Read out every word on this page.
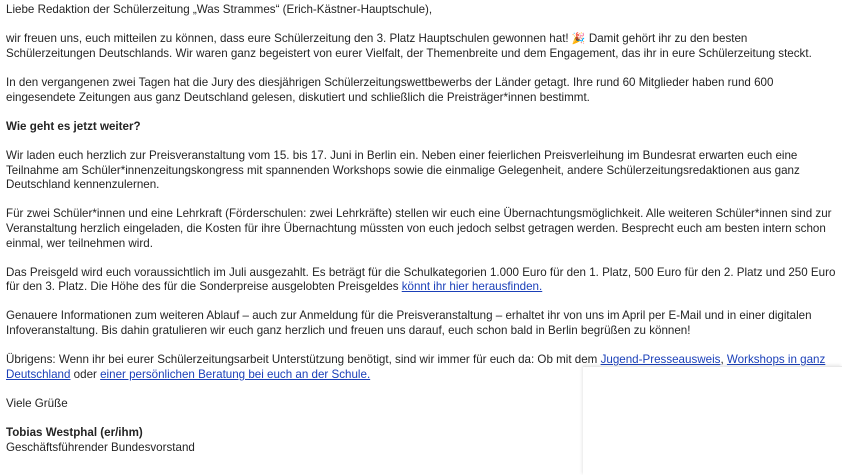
Liebe Redaktion der Schülerzeitung „Was Strammes“ (Erich-Kästner-Hauptschule),

wir freuen uns, euch mitteilen zu können, dass eure Schülerzeitung den 3. Platz Hauptschulen gewonnen hat! 🎉 Damit gehört ihr zu den besten Schülerzeitungen Deutschlands. Wir waren ganz begeistert von eurer Vielfalt, der Themenbreite und dem Engagement, das ihr in eure Schülerzeitung steckt.

In den vergangenen zwei Tagen hat die Jury des diesjährigen Schülerzeitungswettbewerbs der Länder getagt. Ihre rund 60 Mitglieder haben rund 600 eingesendete Zeitungen aus ganz Deutschland gelesen, diskutiert und schließlich die Preisträger*innen bestimmt.

Wie geht es jetzt weiter?

Wir laden euch herzlich zur Preisveranstaltung vom 15. bis 17. Juni in Berlin ein. Neben einer feierlichen Preisverleihung im Bundesrat erwarten euch eine Teilnahme am Schüler*innenzeitungskongress mit spannenden Workshops sowie die einmalige Gelegenheit, andere Schülerzeitungsredaktionen aus ganz Deutschland kennenzulernen.

Für zwei Schüler*innen und eine Lehrkraft (Förderschulen: zwei Lehrkräfte) stellen wir euch eine Übernachtungsmöglichkeit. Alle weiteren Schüler*innen sind zur Veranstaltung herzlich eingeladen, die Kosten für ihre Übernachtung müssten von euch jedoch selbst getragen werden. Besprecht euch am besten intern schon einmal, wer teilnehmen wird.

Das Preisgeld wird euch voraussichtlich im Juli ausgezahlt. Es beträgt für die Schulkategorien 1.000 Euro für den 1. Platz, 500 Euro für den 2. Platz und 250 Euro für den 3. Platz. Die Höhe des für die Sonderpreise ausgelobten Preisgeldes könnt ihr hier herausfinden.

Genauere Informationen zum weiteren Ablauf – auch zur Anmeldung für die Preisveranstaltung – erhaltet ihr von uns im April per E-Mail und in einer digitalen Infoveranstaltung. Bis dahin gratulieren wir euch ganz herzlich und freuen uns darauf, euch schon bald in Berlin begrüßen zu können!

Übrigens: Wenn ihr bei eurer Schülerzeitungsarbeit Unterstützung benötigt, sind wir immer für euch da: Ob mit dem Jugend-Presseausweis, Workshops in ganz Deutschland oder einer persönlichen Beratung bei euch an der Schule.

Viele Grüße

Tobias Westphal (er/ihm)

Geschäftsführender Bundesvorstand
